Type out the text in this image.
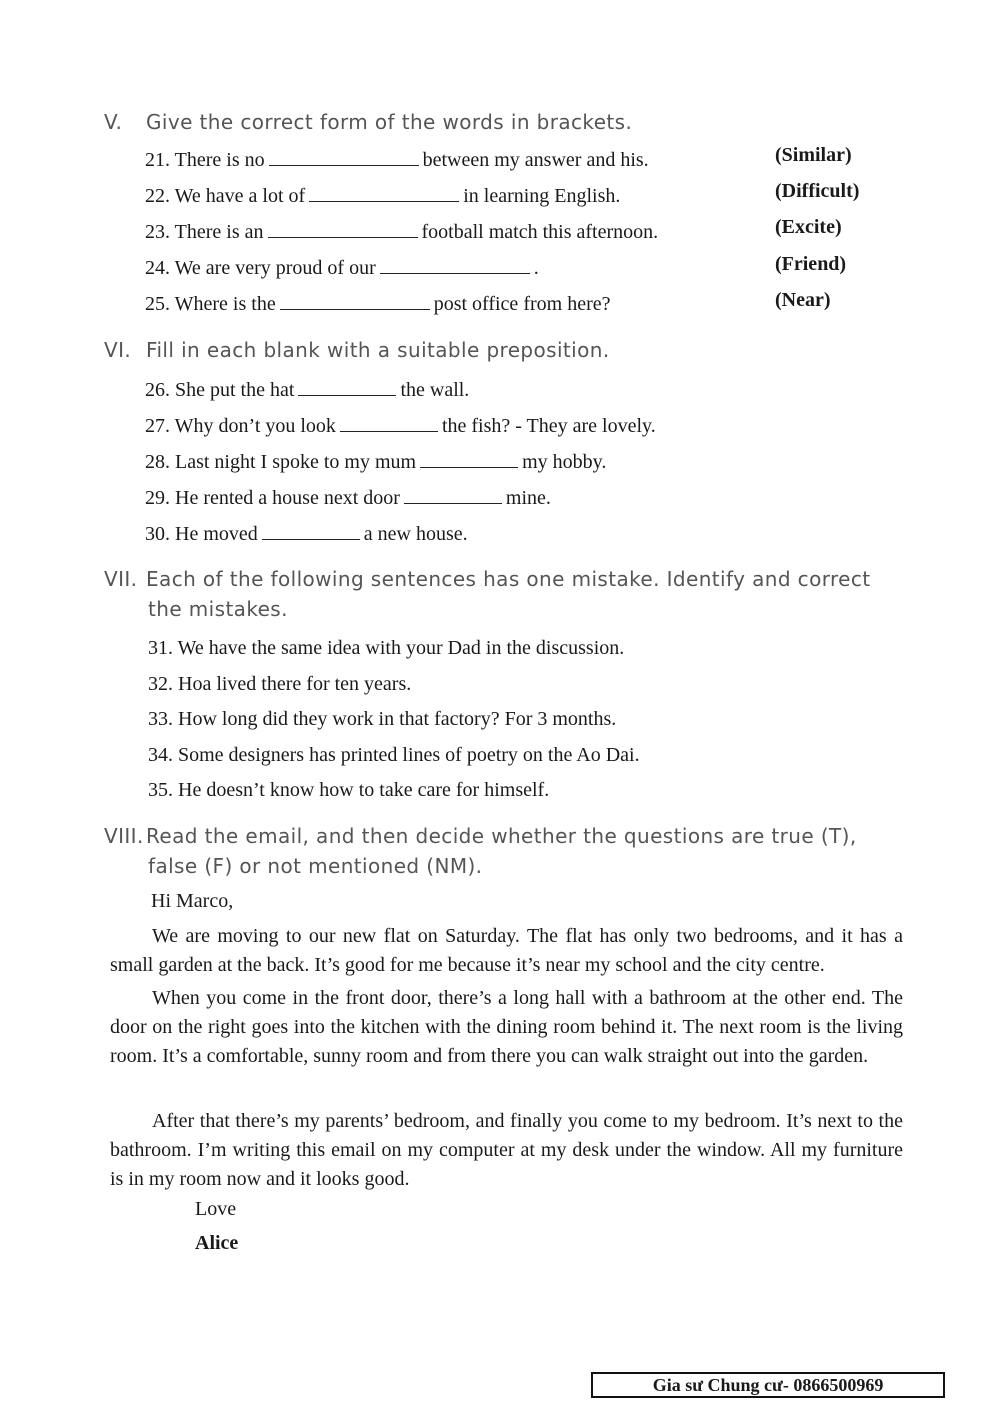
V. Give the correct form of the words in brackets.
21. There is no	between my answer and his.	(Similar)
22. We have a lot of	in learning English.	(Difficult)
23. There is an	football match this afternoon.	(Excite)
24. We are very proud of our	.	(Friend)
25. Where is the	post office from here?	(Near)
VI. Fill in each blank with a suitable preposition.
26. She put the hat	the wall.
27. Why don’t you look	the fish? - They are lovely.
28. Last night I spoke to my mum	my hobby.
29. He rented a house next door	mine.
30. He moved	a new house.
VII. Each of the following sentences has one mistake. Identify and correct
the mistakes.
31. We have the same idea with your Dad in the discussion.
32. Hoa lived there for ten years.
33. How long did they work in that factory? For 3 months.
34. Some designers has printed lines of poetry on the Ao Dai.
35. He doesn’t know how to take care for himself.
VIII. Read the email, and then decide whether the questions are true (T),
false (F) or not mentioned (NM).
Hi Marco,
We are moving to our new flat on Saturday. The flat has only two bedrooms, and it has a small garden at the back. It’s good for me because it’s near my school and the city centre.
When you come in the front door, there’s a long hall with a bathroom at the other end. The door on the right goes into the kitchen with the dining room behind it. The next room is the living room. It’s a comfortable, sunny room and from there you can walk straight out into the garden.
After that there’s my parents’ bedroom, and finally you come to my bedroom. It’s next to the bathroom. I’m writing this email on my computer at my desk under the window. All my furniture is in my room now and it looks good.
Love
Alice
Gia sư Chung cư- 0866500969
